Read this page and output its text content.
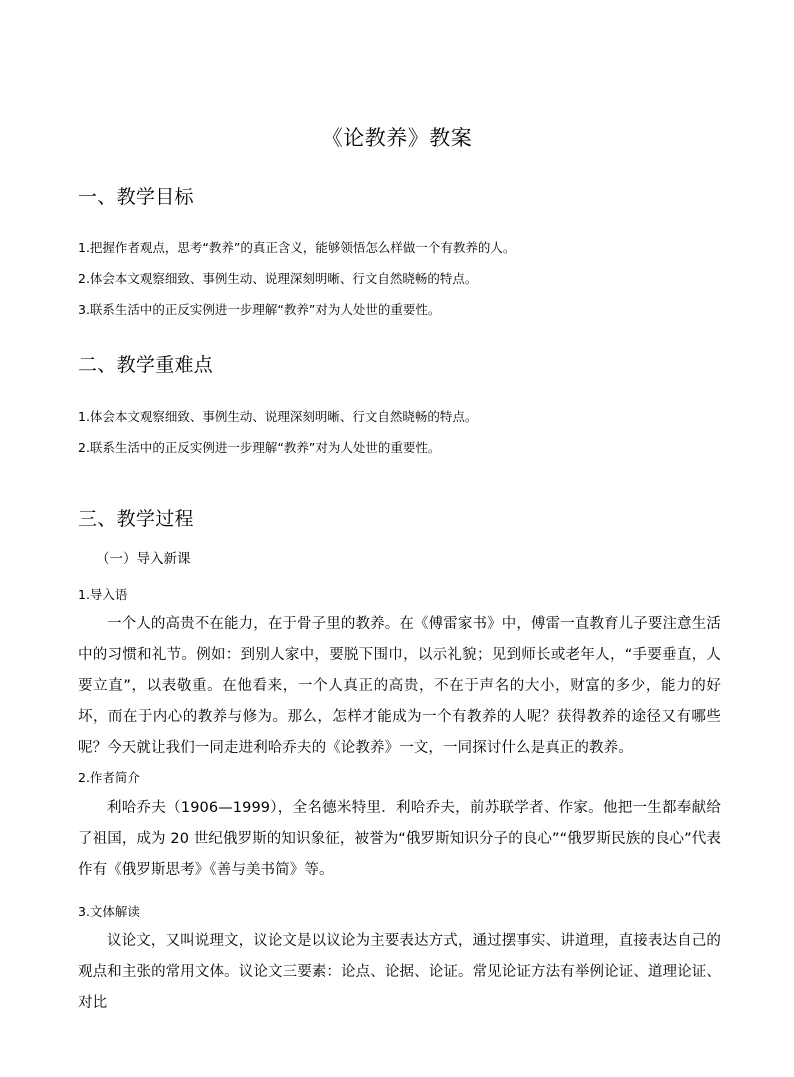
《论教养》教案
一、教学目标
1.把握作者观点，思考“教养”的真正含义，能够领悟怎么样做一个有教养的人。
2.体会本文观察细致、事例生动、说理深刻明晰、行文自然晓畅的特点。
3.联系生活中的正反实例进一步理解“教养”对为人处世的重要性。
二、教学重难点
1.体会本文观察细致、事例生动、说理深刻明晰、行文自然晓畅的特点。
2.联系生活中的正反实例进一步理解“教养”对为人处世的重要性。
三、教学过程
（一）导入新课
1.导入语
一个人的高贵不在能力，在于骨子里的教养。在《傅雷家书》中，傅雷一直教育儿子要注意生活中的习惯和礼节。例如：到别人家中，要脱下围巾，以示礼貌；见到师长或老年人，“手要垂直，人要立直”，以表敬重。在他看来，一个人真正的高贵，不在于声名的大小，财富的多少，能力的好坏，而在于内心的教养与修为。那么，怎样才能成为一个有教养的人呢？获得教养的途径又有哪些呢？今天就让我们一同走进利哈乔夫的《论教养》一文，一同探讨什么是真正的教养。
2.作者简介
利哈乔夫（1906—1999），全名德米特里．利哈乔夫，前苏联学者、作家。他把一生都奉献给了祖国，成为 20 世纪俄罗斯的知识象征，被誉为“俄罗斯知识分子的良心”“俄罗斯民族的良心”代表作有《俄罗斯思考》《善与美书简》等。
3.文体解读
议论文，又叫说理文，议论文是以议论为主要表达方式，通过摆事实、讲道理，直接表达自己的观点和主张的常用文体。议论文三要素：论点、论据、论证。常见论证方法有举例论证、道理论证、对比
